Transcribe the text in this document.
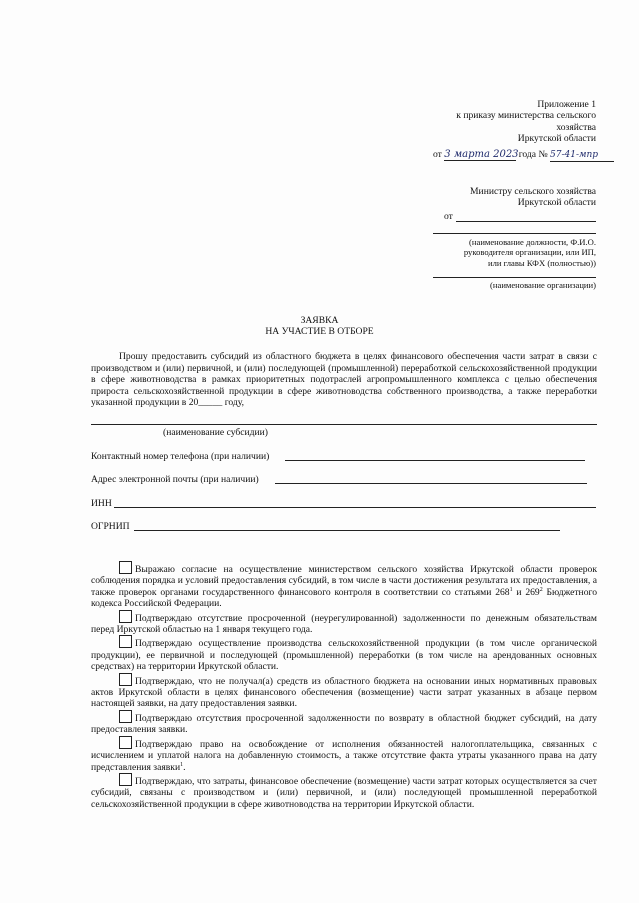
Приложение 1
к приказу министерства сельского
хозяйства
Иркутской области
от 3 марта 2023 года № 57-41-мпр
Министру сельского хозяйства
Иркутской области
от
(наименование должности, Ф.И.О.
руководителя организации, или ИП,
или главы КФХ (полностью))
(наименование организации)
ЗАЯВКА
НА УЧАСТИЕ В ОТБОРЕ
Прошу предоставить субсидий из областного бюджета в целях финансового обеспечения части затрат в связи с производством и (или) первичной, и (или) последующей (промышленной) переработкой сельскохозяйственной продукции в сфере животноводства в рамках приоритетных подотраслей агропромышленного комплекса с целью обеспечения прироста сельскохозяйственной продукции в сфере животноводства собственного производства, а также переработки указанной продукции в 20_____ году,
(наименование субсидии)
Контактный номер телефона (при наличии)
Адрес электронной почты (при наличии)
ИНН
ОГРНИП
Выражаю согласие на осуществление министерством сельского хозяйства Иркутской области проверок соблюдения порядка и условий предоставления субсидий, в том числе в части достижения результата их предоставления, а также проверок органами государственного финансового контроля в соответствии со статьями $268^1$ и $269^2$ Бюджетного кодекса Российской Федерации.
Подтверждаю отсутствие просроченной (неурегулированной) задолженности по денежным обязательствам перед Иркутской областью на 1 января текущего года.
Подтверждаю осуществление производства сельскохозяйственной продукции (в том числе органической продукции), ее первичной и последующей (промышленной) переработки (в том числе на арендованных основных средствах) на территории Иркутской области.
Подтверждаю, что не получал(а) средств из областного бюджета на основании иных нормативных правовых актов Иркутской области в целях финансового обеспечения (возмещение) части затрат указанных в абзаце первом настоящей заявки, на дату предоставления заявки.
Подтверждаю отсутствия просроченной задолженности по возврату в областной бюджет субсидий, на дату предоставления заявки.
Подтверждаю право на освобождение от исполнения обязанностей налогоплательщика, связанных с исчислением и уплатой налога на добавленную стоимость, а также отсутствие факта утраты указанного права на дату представления заявки$^1$.
Подтверждаю, что затраты, финансовое обеспечение (возмещение) части затрат которых осуществляется за счет субсидий, связаны с производством и (или) первичной, и (или) последующей промышленной переработкой сельскохозяйственной продукции в сфере животноводства на территории Иркутской области.
